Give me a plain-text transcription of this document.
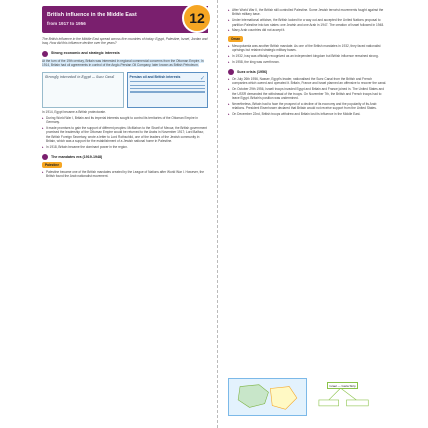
British influence in the Middle East
from 1917 to 1956	12
The British influence in the Middle East spread across five countries of today: Egypt, Palestine, Israel, Jordan and Iraq. How did this influence decline over the years?
Strong economic and strategic interests
At the turn of the 19th century, Britain was interested in regional commercial concerns from the Ottoman Empire. In 1914, Britain had oil agreements in control of the Anglo-Persian Oil Company, later known as British Petroleum.
Strongly interested in Egypt — Suez Canal	✓
Persian oil and British interests
In 1914, Egypt became a British protectorate.
▸ During World War I, Britain and its imperial interests sought to control its territories of the Ottoman Empire in Germany.
▸ It made promises to gain the support of different peoples: McMahon to the Sharif of Mecca; the British government promised the leadership of the Ottoman Empire would be returned to the Arabs in November 1917; Lord Balfour, the British Foreign Secretary, wrote a letter to Lord Rothschild, one of the leaders of the Jewish community in Britain, which was a support for the establishment of a Jewish national home in Palestine.
▸ In 1918, Britain became the dominant power in the region.
The mandates era (1919-1948)
Palestine
▸ Palestine became one of the British mandates created by the League of Nations after World War I. However, the British found the Arab nationalist movement.
▸ After World War II, the British still controlled Palestine. Some Jewish terrorist movements fought against the British military base.
▸ Under international criticism, the British looked for a way out and accepted the United Nations proposal to partition Palestine into two states: one Jewish and one Arab in 1947. The creation of Israel followed in 1948.
▸ Many Arab countries did not accept it.
Oman
▸ Mesopotamia was another British mandate. As one of the British mandates in 1932, they faced nationalist uprisings but retained strategic military bases.
▸ In 1932, Iraq was officially recognized as an independent kingdom but British influence remained strong.
▸ In 1958, the king was overthrown.
Suez crisis (1956)
▸ On July 26th 1956, Nasser, Egypt's leader, nationalised the Suez Canal from the British and French companies which owned and operated it. Britain, France and Israel planned an offensive to recover the canal.
▸ On October 29th 1956, Israeli troops invaded Egypt and Britain and France joined in. The United States and the USSR demanded the withdrawal of the troops. On November 7th, the British and French troops had to leave Egypt. Britain's position was undermined.
▸ Nevertheless, Britain had to face the prospect of a decline of its economy and the popularity of its Arab relations. President Eisenhower declared that Britain would not receive support from the United States.
▸ On December 22nd, British troops withdrew and Britain lost its influence in the Middle East.
Israel — Gaza Strip
